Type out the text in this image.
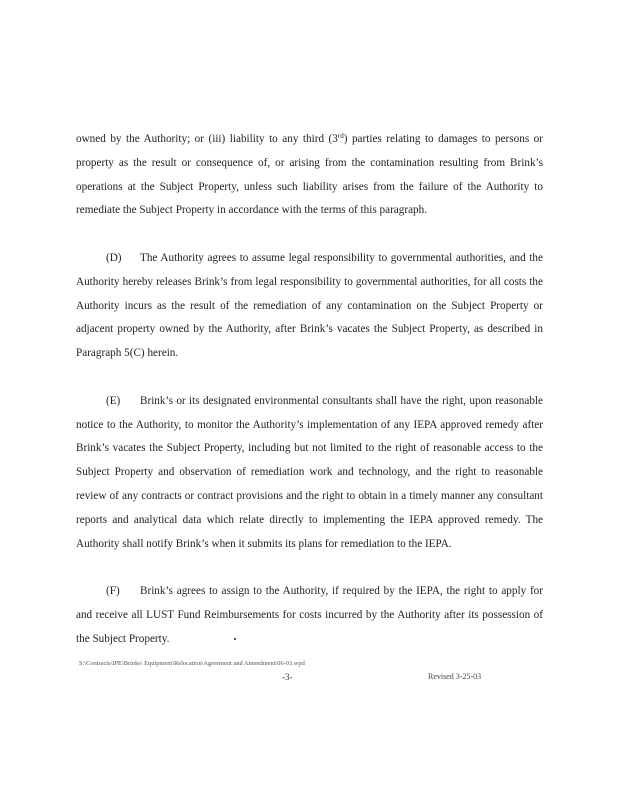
owned by the Authority; or (iii) liability to any third (3rd) parties relating to damages to persons or property as the result or consequence of, or arising from the contamination resulting from Brink’s operations at the Subject Property, unless such liability arises from the failure of the Authority to remediate the Subject Property in accordance with the terms of this paragraph.

(D) The Authority agrees to assume legal responsibility to governmental authorities, and the Authority hereby releases Brink’s from legal responsibility to governmental authorities, for all costs the Authority incurs as the result of the remediation of any contamination on the Subject Property or adjacent property owned by the Authority, after Brink’s vacates the Subject Property, as described in Paragraph 5(C) herein.

(E) Brink’s or its designated environmental consultants shall have the right, upon reasonable notice to the Authority, to monitor the Authority’s implementation of any IEPA approved remedy after Brink’s vacates the Subject Property, including but not limited to the right of reasonable access to the Subject Property and observation of remediation work and technology, and the right to reasonable review of any contracts or contract provisions and the right to obtain in a timely manner any consultant reports and analytical data which relate directly to implementing the IEPA approved remedy. The Authority shall notify Brink’s when it submits its plans for remediation to the IEPA.

(F) Brink’s agrees to assign to the Authority, if required by the IEPA, the right to apply for and receive all LUST Fund Reimbursements for costs incurred by the Authority after its possession of the Subject Property.

S:\Contracts\IPE\Brinks\ Equipment\Relocation\Agreement and Amendment\06-03.wpd
-3-	Revised 3-25-03
